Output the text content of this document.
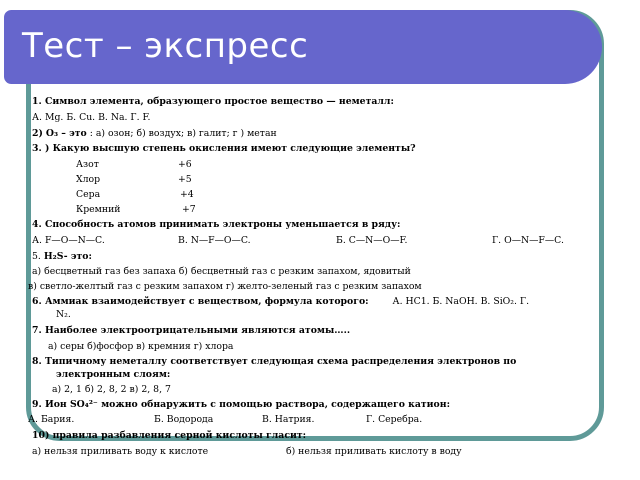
Тест – экспресс
1. Символ элемента, образующего простое вещество — неметалл:
А. Mg. Б. Cu. В. Na. Г. F.
2) О₃ – это : а) озон; б) воздух; в) галит; г ) метан
3. ) Какую высшую степень окисления имеют следующие элементы?
Азот	+6
Хлор	+5
Сера	+4
Кремний	+7
4. Способность атомов принимать электроны уменьшается в ряду:
А. F—O—N—C.	В. N—F—O—C.	Б. C—N—O—F.	Г. O—N—F—C.
5. H₂S- это:
а) бесцветный газ без запаха б) бесцветный газ с резким запахом, ядовитый
в) светло-желтый газ с резким запахом г) желто-зеленый газ с резким запахом
6. Аммиак взаимодействует с веществом, формула которого:	А. HC1. Б. NaOH. В. SiO₂. Г.
N₂.
7. Наиболее электроотрицательными являются атомы…..
а) серы б)фосфор в) кремния г) хлора
8. Типичному неметаллу соответствует следующая схема распределения электронов по
электронным слоям:
а) 2, 1 б) 2, 8, 2 в) 2, 8, 7
9. Ион SO₄²⁻ можно обнаружить с помощью раствора, содержащего катион:
А. Бария.	Б. Водорода	В. Натрия.	Г. Серебра.
10) правила разбавления серной кислоты гласит:
а) нельзя приливать воду к кислоте	б) нельзя приливать кислоту в воду
